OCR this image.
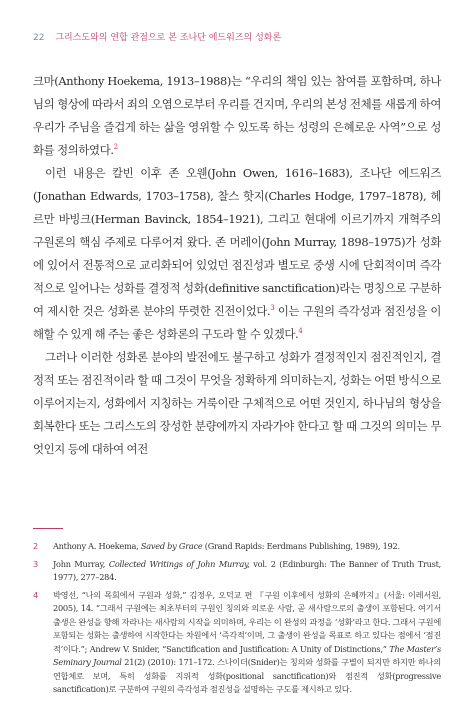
22 그리스도와의 연합 관점으로 본 조나단 에드워즈의 성화론

크마(Anthony Hoekema, 1913–1988)는 “우리의 책임 있는 참여를 포함하며, 하나님의 형상에 따라서 죄의 오염으로부터 우리를 건지며, 우리의 본성 전체를 새롭게 하여 우리가 주님을 즐겁게 하는 삶을 영위할 수 있도록 하는 성령의 은혜로운 사역”으로 성화를 정의하였다.$^2$

이런 내용은 칼빈 이후 존 오웬(John Owen, 1616–1683), 조나단 에드워즈(Jonathan Edwards, 1703–1758), 찰스 핫지(Charles Hodge, 1797–1878), 헤르만 바빙크(Herman Bavinck, 1854–1921), 그리고 현대에 이르기까지 개혁주의 구원론의 핵심 주제로 다루어져 왔다. 존 머레이(John Murray, 1898–1975)가 성화에 있어서 전통적으로 교리화되어 있었던 점진성과 별도로 중생 시에 단회적이며 즉각적으로 일어나는 성화를 결정적 성화(definitive sanctification)라는 명칭으로 구분하여 제시한 것은 성화론 분야의 뚜렷한 진전이었다.$^3$ 이는 구원의 즉각성과 점진성을 이해할 수 있게 해 주는 좋은 성화론의 구도라 할 수 있겠다.$^4$

그러나 이러한 성화론 분야의 발전에도 불구하고 성화가 결정적인지 점진적인지, 결정적 또는 점진적이라 할 때 그것이 무엇을 정확하게 의미하는지, 성화는 어떤 방식으로 이루어지는지, 성화에서 지칭하는 거룩이란 구체적으로 어떤 것인지, 하나님의 형상을 회복한다 또는 그리스도의 장성한 분량에까지 자라가야 한다고 할 때 그것의 의미는 무엇인지 등에 대하여 여전

2	Anthony A. Hoekema, Saved by Grace (Grand Rapids: Eerdmans Publishing, 1989), 192.
3	John Murray, Collected Writings of John Murray, vol. 2 (Edinburgh: The Banner of Truth Trust, 1977), 277–284.
4	박영선, “나의 목회에서 구원과 성화,” 김정우, 오덕교 편 『구원 이후에서 성화의 은혜까지』(서울: 이레서원, 2005), 14. “그래서 구원에는 최초부터의 구원인 칭의와 의로운 사람, 곧 새사람으로의 출생이 포함된다. 여기서 출생은 완성을 향해 자라나는 새사람의 시작을 의미하며, 우리는 이 완성의 과정을 ‘성화’라고 한다. 그래서 구원에 포함되는 성화는 출생하여 시작한다는 차원에서 ‘즉각적’이며, 그 출생이 완성을 목표로 하고 있다는 점에서 ‘점진적’이다.”; Andrew V. Snider, “Sanctification and Justification: A Unity of Distinctions,” The Master’s Seminary Journal 21(2) (2010): 171–172. 스나이더(Snider)는 칭의와 성화를 구별이 되지만 하지만 하나의 연합체로 보며, 특히 성화를 지위적 성화(positional sanctification)와 점진적 성화(progressive sanctification)로 구분하여 구원의 즉각성과 점진성을 설명하는 구도를 제시하고 있다.
